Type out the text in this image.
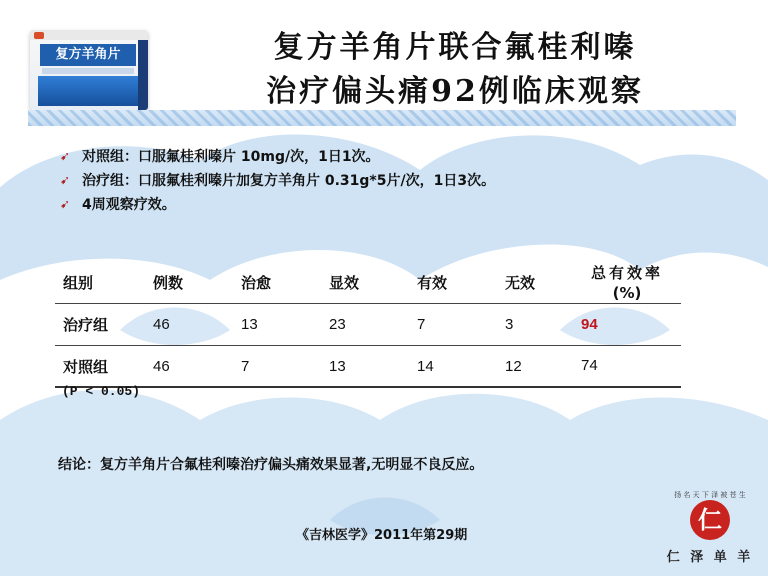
复方羊角片	复方羊角片联合氟桂利嗪
治疗偏头痛92例临床观察
➹ 对照组：口服氟桂利嗪片 10mg/次，1日1次。
➹ 治疗组：口服氟桂利嗪片加复方羊角片 0.31g*5片/次，1日3次。
➹ 4周观察疗效。
组别	例数	治愈	显效	有效	无效
总有效率
(%)
治疗组	46	13	23	7	3	94
对照组	46	7	13	14	12	74
(P < 0.05)
结论：复方羊角片合氟桂利嗪治疗偏头痛效果显著,无明显不良反应。
《吉林医学》2011年第29期
扬 名 天 下 泽 被 苍 生
仁
仁 泽 单 羊
